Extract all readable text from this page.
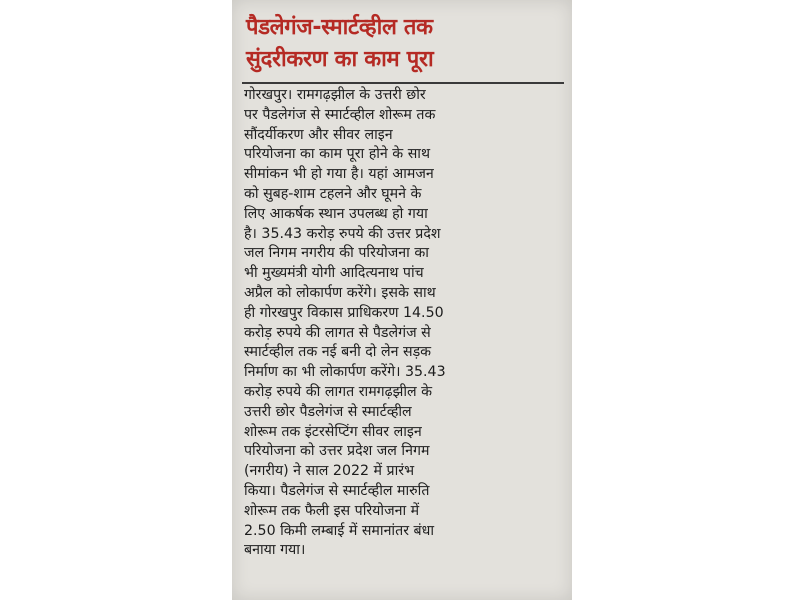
पैडलेगंज-स्मार्टव्हील तक
सुंदरीकरण का काम पूरा
गोरखपुर। रामगढ़झील के उत्तरी छोर
पर पैडलेगंज से स्मार्टव्हील शोरूम तक
सौंदर्यीकरण और सीवर लाइन
परियोजना का काम पूरा होने के साथ
सीमांकन भी हो गया है। यहां आमजन
को सुबह-शाम टहलने और घूमने के
लिए आकर्षक स्थान उपलब्ध हो गया
है। 35.43 करोड़ रुपये की उत्तर प्रदेश
जल निगम नगरीय की परियोजना का
भी मुख्यमंत्री योगी आदित्यनाथ पांच
अप्रैल को लोकार्पण करेंगे। इसके साथ
ही गोरखपुर विकास प्राधिकरण 14.50
करोड़ रुपये की लागत से पैडलेगंज से
स्मार्टव्हील तक नई बनी दो लेन सड़क
निर्माण का भी लोकार्पण करेंगे। 35.43
करोड़ रुपये की लागत रामगढ़झील के
उत्तरी छोर पैडलेगंज से स्मार्टव्हील
शोरूम तक इंटरसेप्टिंग सीवर लाइन
परियोजना को उत्तर प्रदेश जल निगम
(नगरीय) ने साल 2022 में प्रारंभ
किया। पैडलेगंज से स्मार्टव्हील मारुति
शोरूम तक फैली इस परियोजना में
2.50 किमी लम्बाई में समानांतर बंधा
बनाया गया।
